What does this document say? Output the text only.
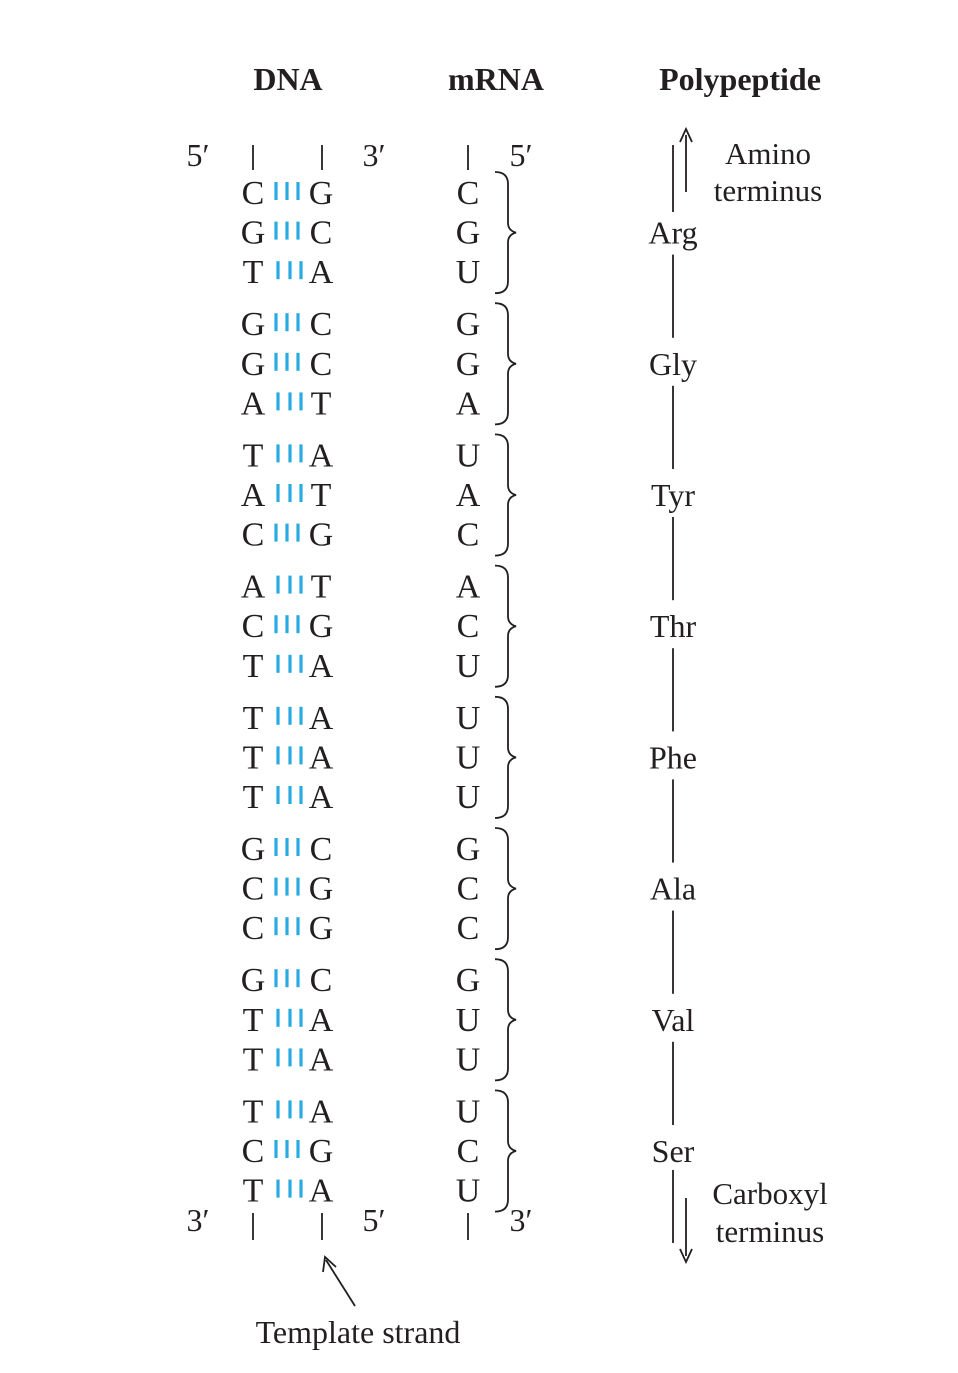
DNA	mRNA	Polypeptide
5′	3′
3′	5′
5′
3′
Amino
terminus
Carboxyl
terminus
Template strand
C G	C
G C	G
T A	U
Arg
G C	G
G C	G
A T	A
Gly
T A	U
A T	A
C G	C
Tyr
A T	A
C G	C
T A	U
Thr
T A	U
T A	U
T A	U
Phe
G C	G
C G	C
C G	C
Ala
G C	G
T A	U
T A	U
Val
T A	U
C G	C
T A	U
Ser
